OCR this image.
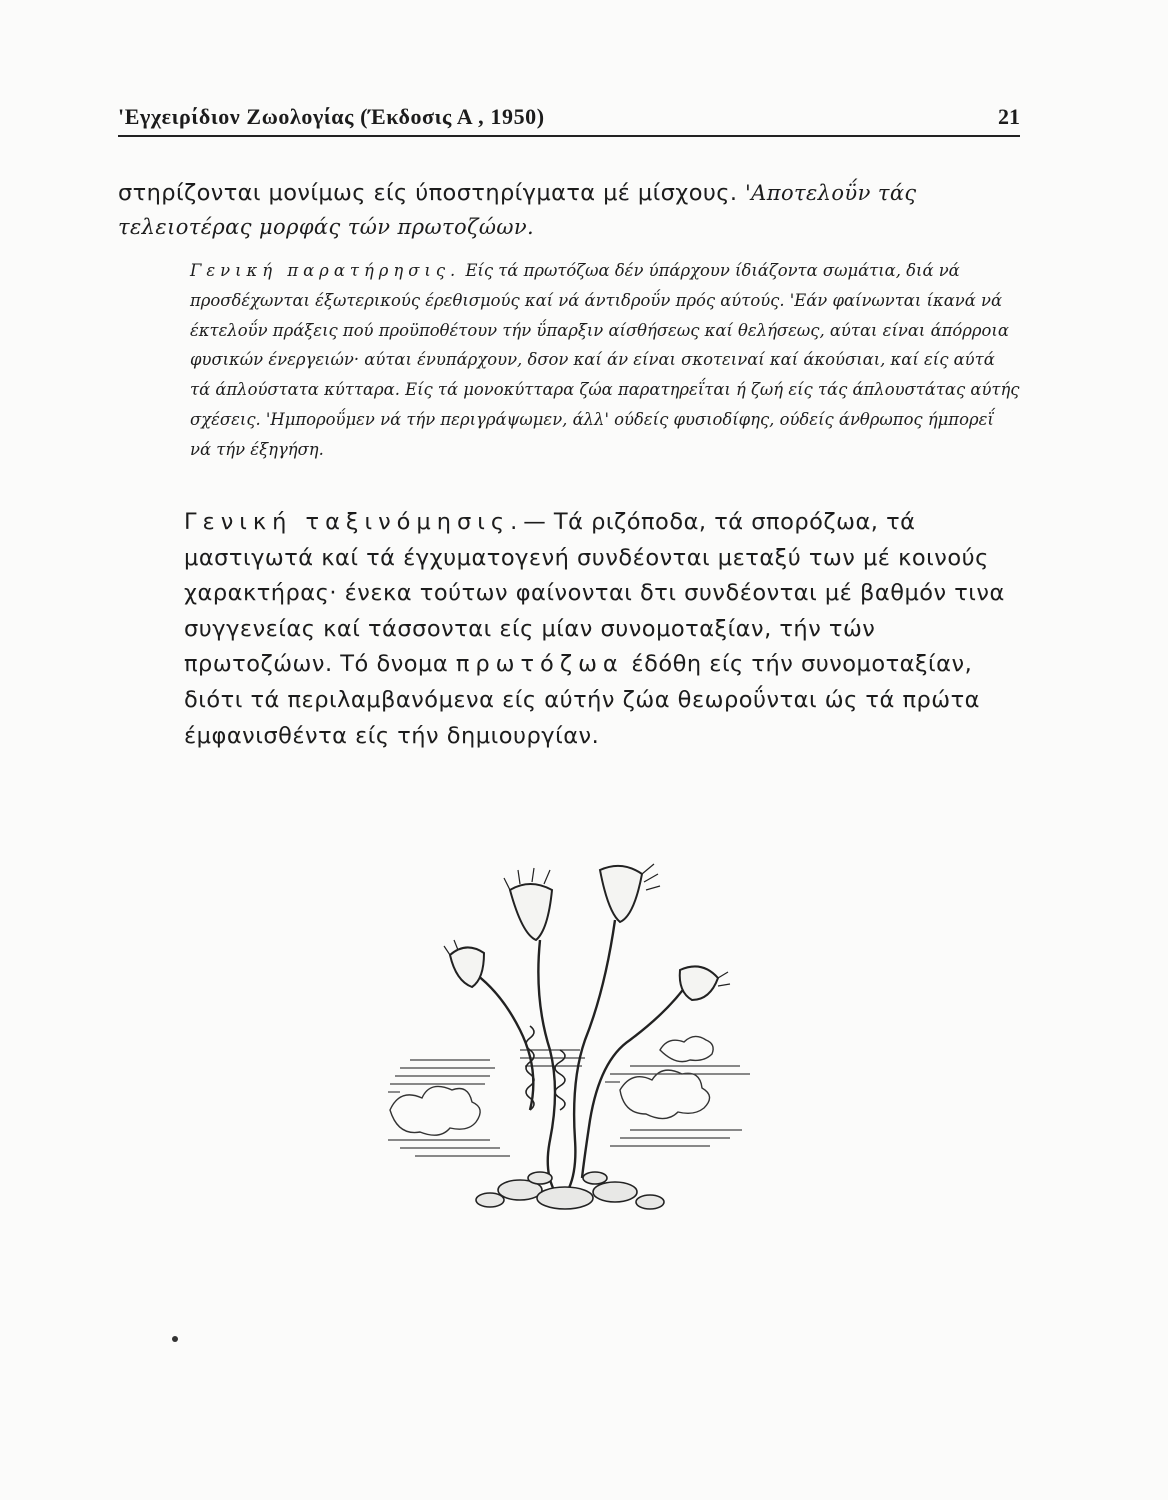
'Εγχειρίδιον Ζωολογίας (Έκδοσις Α , 1950)	21
στηρίζονται μονίμως είς ύποστηρίγματα μέ μίσχους. 'Αποτελοΰν τάς τελειοτέρας μορφάς τών πρωτοζώων.

Γενική παρατήρησις. Είς τά πρωτόζωα δέν ύπάρχουν ίδιάζοντα σωμάτια, διά νά προσδέχωνται έξωτερικούς έρεθισμούς καί νά άντιδροΰν πρός αύτούς. 'Εάν φαίνωνται ίκανά νά έκτελοΰν πράξεις πού προϋποθέτουν τήν ΰπαρξιν αίσθήσεως καί θελήσεως, αύται είναι άπόρροια φυσικών ένεργειών· αύται ένυπάρχουν, δσον καί άν είναι σκοτειναί καί άκούσιαι, καί είς αύτά τά άπλούστατα κύτταρα. Είς τά μονοκύτταρα ζώα παρατηρεΐται ή ζωή είς τάς άπλουστάτας αύτής σχέσεις. 'Ημποροΰμεν νά τήν περιγράψωμεν, άλλ' ούδείς φυσιοδίφης, ούδείς άνθρωπος ήμπορεΐ νά τήν έξηγήση.

Γενική ταξινόμησις.— Τά ριζόποδα, τά σπορόζωα, τά μαστιγωτά καί τά έγχυματογενή συνδέονται μεταξύ των μέ κοινούς χαρακτήρας· ένεκα τούτων φαίνονται δτι συνδέονται μέ βαθμόν τινα συγγενείας καί τάσσονται είς μίαν συνομοταξίαν, τήν τών πρωτοζώων. Τό δνομα πρωτόζωα έδόθη είς τήν συνομοταξίαν, διότι τά περιλαμβανόμενα είς αύτήν ζώα θεωροΰνται ώς τά πρώτα έμφανισθέντα είς τήν δημιουργίαν.
